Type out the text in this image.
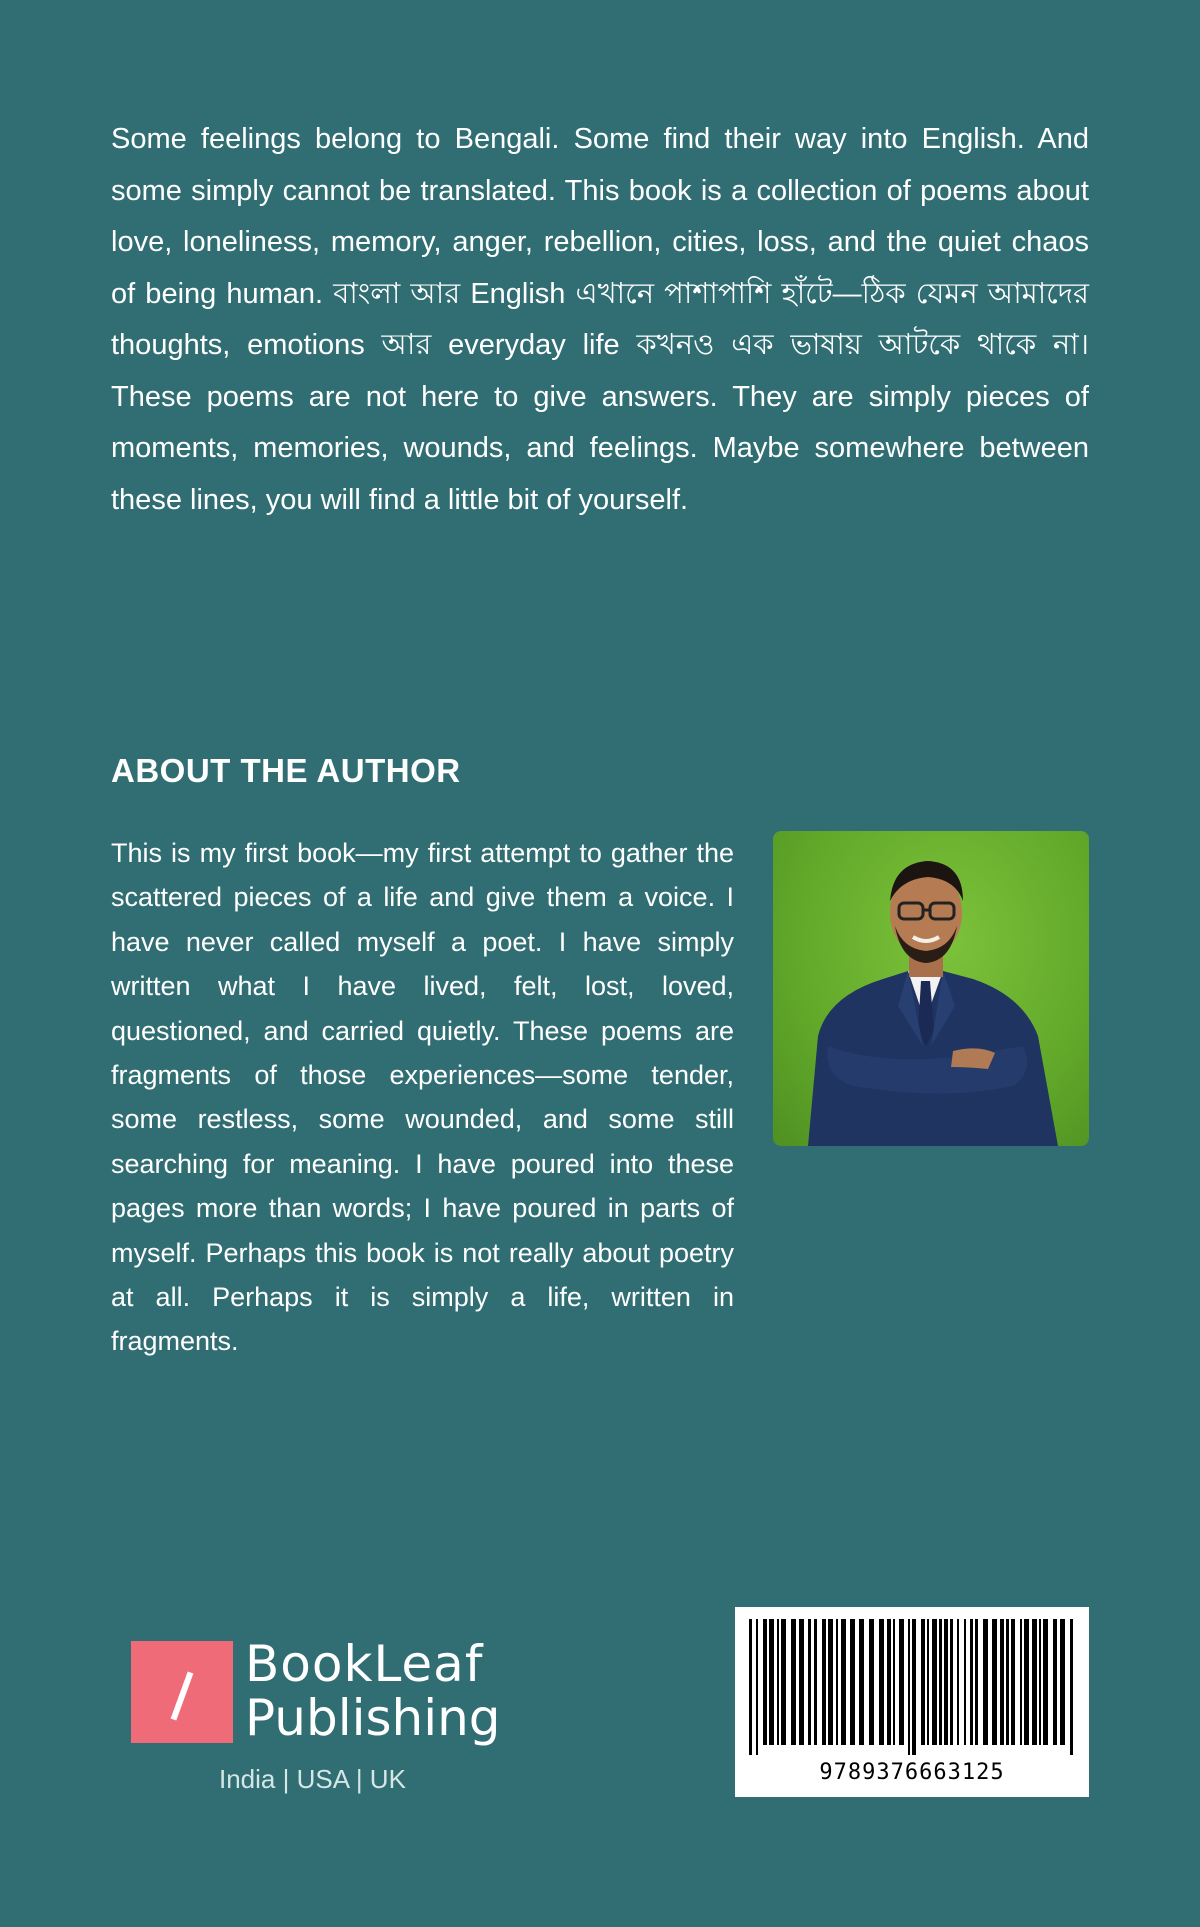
Some feelings belong to Bengali. Some find their way into English. And some simply cannot be translated. This book is a collection of poems about love, loneliness, memory, anger, rebellion, cities, loss, and the quiet chaos of being human. বাংলা আর English এখানে পাশাপাশি হাঁটে—ঠিক যেমন আমাদের thoughts, emotions আর everyday life কখনও এক ভাষায় আটকে থাকে না। These poems are not here to give answers. They are simply pieces of moments, memories, wounds, and feelings. Maybe somewhere between these lines, you will find a little bit of yourself.

ABOUT THE AUTHOR

This is my first book—my first attempt to gather the scattered pieces of a life and give them a voice. I have never called myself a poet. I have simply written what I have lived, felt, lost, loved, questioned, and carried quietly. These poems are fragments of those experiences—some tender, some restless, some wounded, and some still searching for meaning. I have poured into these pages more than words; I have poured in parts of myself. Perhaps this book is not really about poetry at all. Perhaps it is simply a life, written in fragments.

BookLeaf
Publishing
India | USA | UK	9789376663125
